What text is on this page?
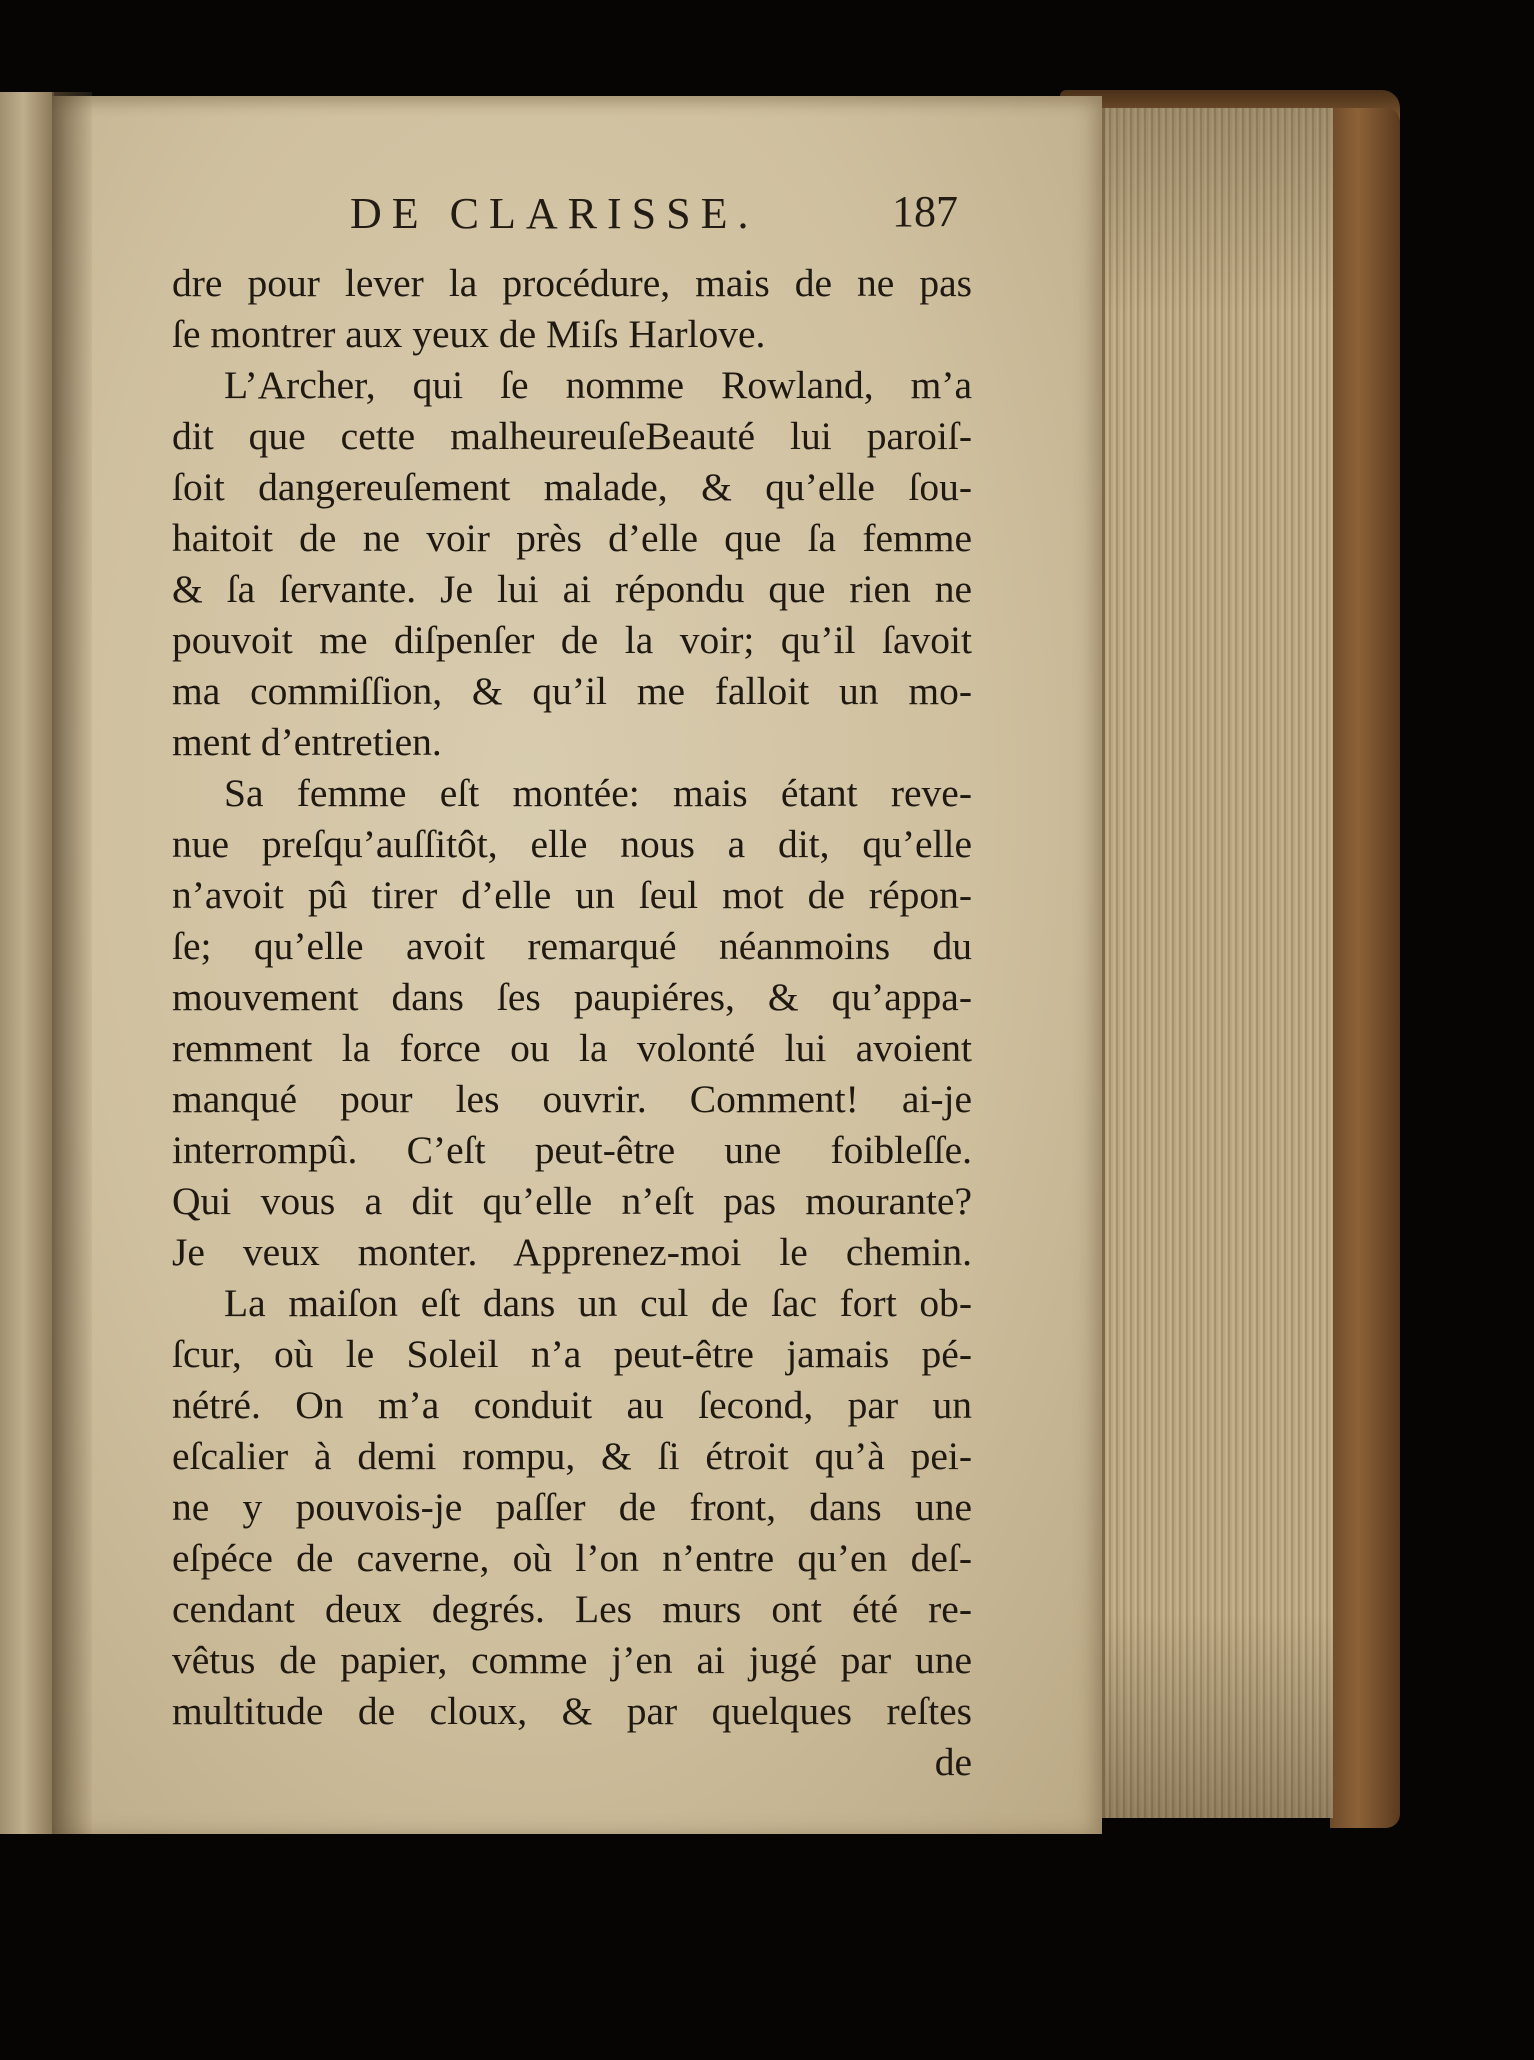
DE CLARISSE.	187
dre pour lever la procédure, mais de ne pas
ſe montrer aux yeux de Miſs Harlove.
L’Archer, qui ſe nomme Rowland, m’a
dit que cette malheureuſeBeauté lui paroiſ-
ſoit dangereuſement malade, & qu’elle ſou-
haitoit de ne voir près d’elle que ſa femme
& ſa ſervante. Je lui ai répondu que rien ne
pouvoit me diſpenſer de la voir; qu’il ſavoit
ma commiſſion, & qu’il me falloit un mo-
ment d’entretien.
Sa femme eſt montée: mais étant reve-
nue preſqu’auſſitôt, elle nous a dit, qu’elle
n’avoit pû tirer d’elle un ſeul mot de répon-
ſe; qu’elle avoit remarqué néanmoins du
mouvement dans ſes paupiéres, & qu’appa-
remment la force ou la volonté lui avoient
manqué pour les ouvrir. Comment! ai-je
interrompû. C’eſt peut-être une foibleſſe.
Qui vous a dit qu’elle n’eſt pas mourante?
Je veux monter. Apprenez-moi le chemin.
La maiſon eſt dans un cul de ſac fort ob-
ſcur, où le Soleil n’a peut-être jamais pé-
nétré. On m’a conduit au ſecond, par un
eſcalier à demi rompu, & ſi étroit qu’à pei-
ne y pouvois-je paſſer de front, dans une
eſpéce de caverne, où l’on n’entre qu’en deſ-
cendant deux degrés. Les murs ont été re-
vêtus de papier, comme j’en ai jugé par une
multitude de cloux, & par quelques reſtes
de
